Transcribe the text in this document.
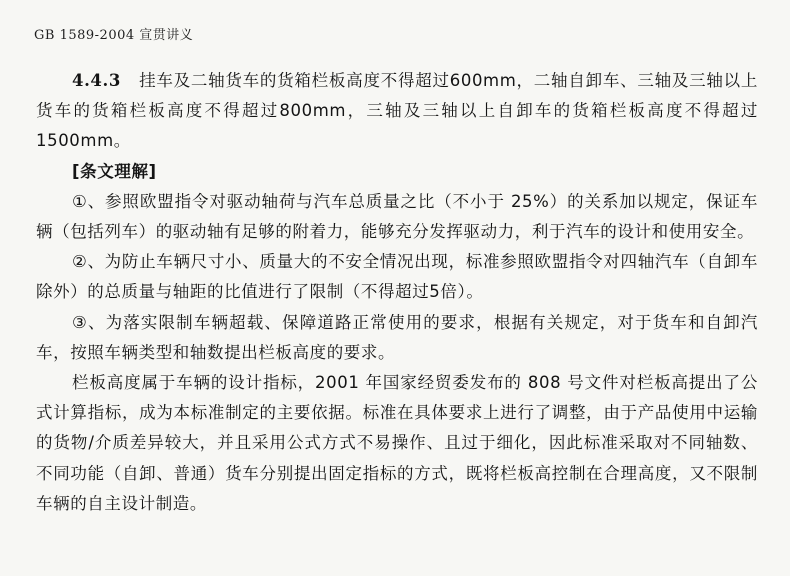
GB 1589-2004 宣贯讲义

4.4.3 挂车及二轴货车的货箱栏板高度不得超过600mm，二轴自卸车、三轴及三轴以上货车的货箱栏板高度不得超过800mm，三轴及三轴以上自卸车的货箱栏板高度不得超过1500mm。

[条文理解]

①、参照欧盟指令对驱动轴荷与汽车总质量之比（不小于 25%）的关系加以规定，保证车辆（包括列车）的驱动轴有足够的附着力，能够充分发挥驱动力，利于汽车的设计和使用安全。

②、为防止车辆尺寸小、质量大的不安全情况出现，标准参照欧盟指令对四轴汽车（自卸车除外）的总质量与轴距的比值进行了限制（不得超过5倍）。

③、为落实限制车辆超载、保障道路正常使用的要求，根据有关规定，对于货车和自卸汽车，按照车辆类型和轴数提出栏板高度的要求。

栏板高度属于车辆的设计指标，2001 年国家经贸委发布的 808 号文件对栏板高提出了公式计算指标，成为本标准制定的主要依据。标准在具体要求上进行了调整，由于产品使用中运输的货物/介质差异较大，并且采用公式方式不易操作、且过于细化，因此标准采取对不同轴数、不同功能（自卸、普通）货车分别提出固定指标的方式，既将栏板高控制在合理高度，又不限制车辆的自主设计制造。
